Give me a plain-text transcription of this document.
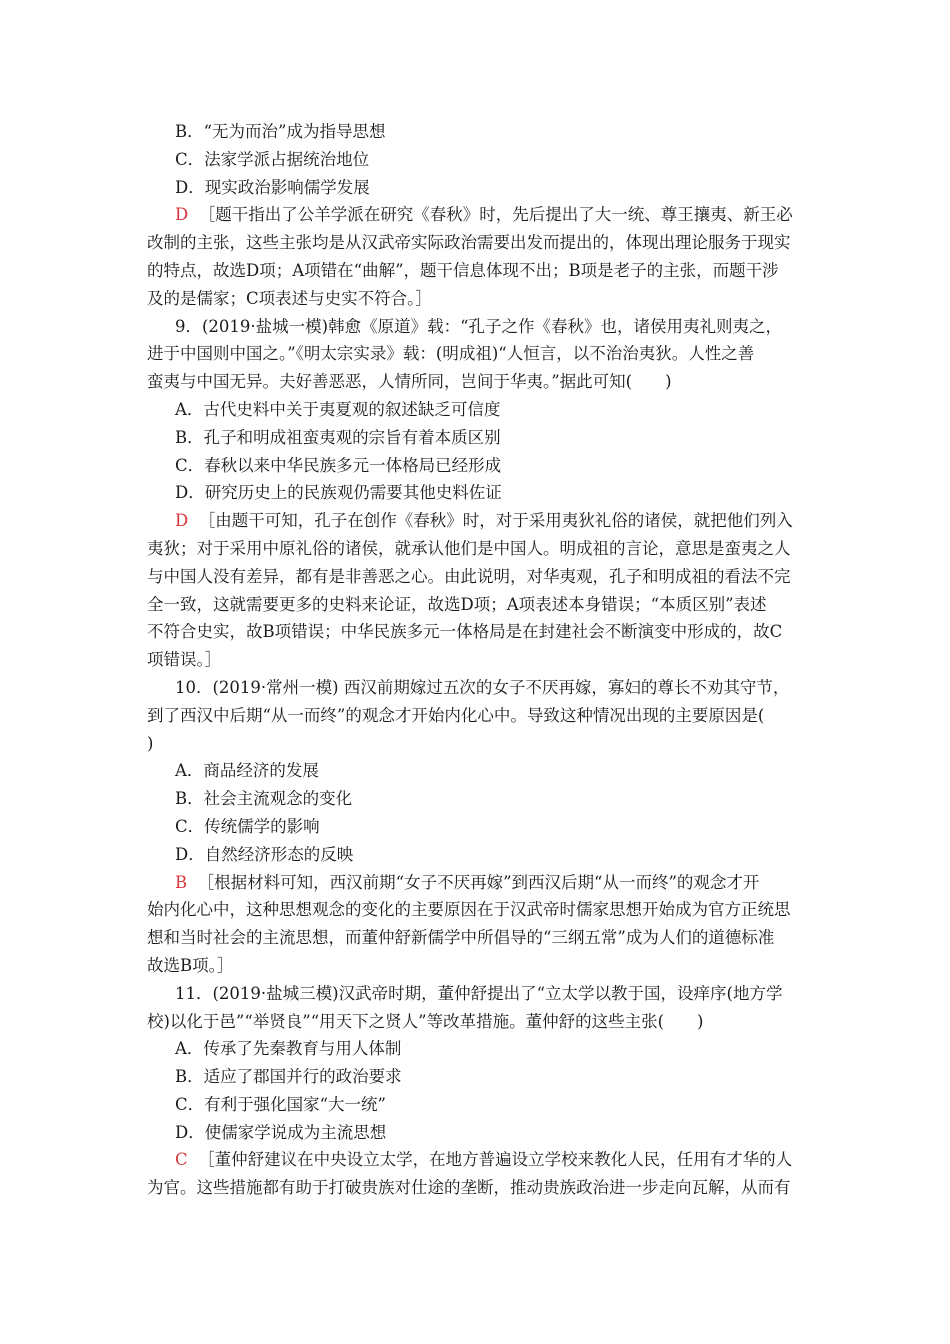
B．“无为而治”成为指导思想
C．法家学派占据统治地位
D．现实政治影响儒学发展
D ［题干指出了公羊学派在研究《春秋》时，先后提出了大一统、尊王攘夷、新王必
改制的主张，这些主张均是从汉武帝实际政治需要出发而提出的，体现出理论服务于现实
的特点，故选D项；A项错在“曲解”，题干信息体现不出；B项是老子的主张，而题干涉
及的是儒家；C项表述与史实不符合。］
9．(2019·盐城一模)韩愈《原道》载：“孔子之作《春秋》也，诸侯用夷礼则夷之，
进于中国则中国之。”《明太宗实录》载：(明成祖)“人恒言，以不治治夷狄。人性之善
蛮夷与中国无异。夫好善恶恶，人情所同，岂间于华夷。”据此可知(　　)
A．古代史料中关于夷夏观的叙述缺乏可信度
B．孔子和明成祖蛮夷观的宗旨有着本质区别
C．春秋以来中华民族多元一体格局已经形成
D．研究历史上的民族观仍需要其他史料佐证
D ［由题干可知，孔子在创作《春秋》时，对于采用夷狄礼俗的诸侯，就把他们列入
夷狄；对于采用中原礼俗的诸侯，就承认他们是中国人。明成祖的言论，意思是蛮夷之人
与中国人没有差异，都有是非善恶之心。由此说明，对华夷观，孔子和明成祖的看法不完
全一致，这就需要更多的史料来论证，故选D项；A项表述本身错误；“本质区别”表述
不符合史实，故B项错误；中华民族多元一体格局是在封建社会不断演变中形成的，故C
项错误。］
10．(2019·常州一模) 西汉前期嫁过五次的女子不厌再嫁，寡妇的尊长不劝其守节，
到了西汉中后期“从一而终”的观念才开始内化心中。导致这种情况出现的主要原因是(
)
A．商品经济的发展
B．社会主流观念的变化
C．传统儒学的影响
D．自然经济形态的反映
B ［根据材料可知，西汉前期“女子不厌再嫁”到西汉后期“从一而终”的观念才开
始内化心中，这种思想观念的变化的主要原因在于汉武帝时儒家思想开始成为官方正统思
想和当时社会的主流思想，而董仲舒新儒学中所倡导的“三纲五常”成为人们的道德标准
故选B项。］
11．(2019·盐城三模)汉武帝时期，董仲舒提出了“立太学以教于国，设痒序(地方学
校)以化于邑”“举贤良”“用天下之贤人”等改革措施。董仲舒的这些主张(　　)
A．传承了先秦教育与用人体制
B．适应了郡国并行的政治要求
C．有利于强化国家“大一统”
D．使儒家学说成为主流思想
C ［董仲舒建议在中央设立太学，在地方普遍设立学校来教化人民，任用有才华的人
为官。这些措施都有助于打破贵族对仕途的垄断，推动贵族政治进一步走向瓦解，从而有
